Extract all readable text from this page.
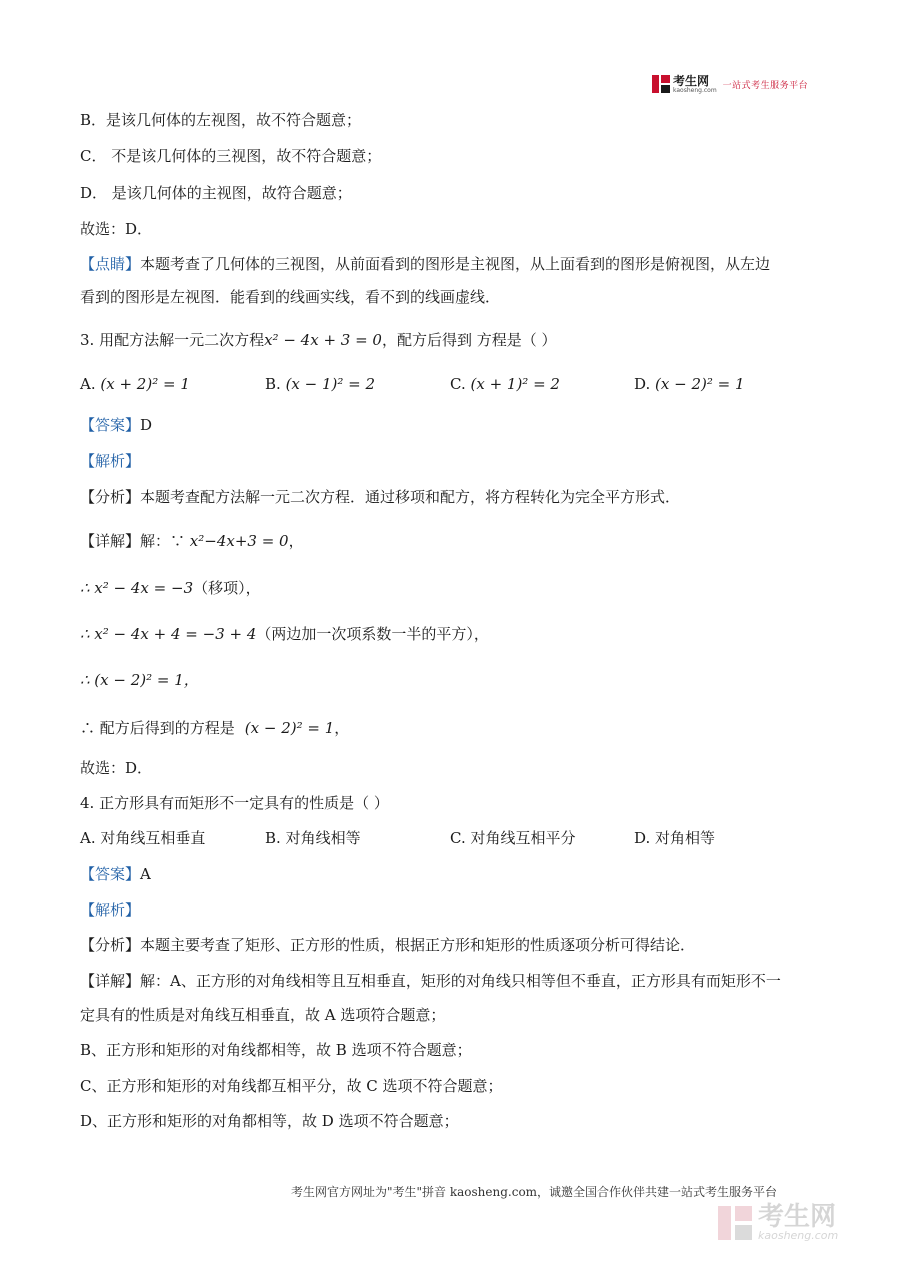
考生网
kaosheng.com 一站式考生服务平台
B．是该几何体的左视图，故不符合题意；
C． 不是该几何体的三视图，故不符合题意；
D． 是该几何体的主视图，故符合题意；
故选：D．
【点睛】本题考查了几何体的三视图，从前面看到的图形是主视图，从上面看到的图形是俯视图，从左边
看到的图形是左视图．能看到的线画实线，看不到的线画虚线．
3. 用配方法解一元二次方程x² − 4x + 3 = 0，配方后得到 方程是（ ）
A. (x + 2)² = 1	B. (x − 1)² = 2	C. (x + 1)² = 2	D. (x − 2)² = 1
【答案】D
【解析】
【分析】本题考查配方法解一元二次方程．通过移项和配方，将方程转化为完全平方形式．
【详解】解：∵ x²−4x+3 = 0，
∴ x² − 4x = −3（移项），
∴ x² − 4x + 4 = −3 + 4（两边加一次项系数一半的平方），
∴ (x − 2)² = 1，
∴ 配方后得到的方程是 (x − 2)² = 1，
故选：D．
4. 正方形具有而矩形不一定具有的性质是（ ）
A. 对角线互相垂直	B. 对角线相等	C. 对角线互相平分	D. 对角相等
【答案】A
【解析】
【分析】本题主要考查了矩形、正方形的性质，根据正方形和矩形的性质逐项分析可得结论．
【详解】解：A、正方形的对角线相等且互相垂直，矩形的对角线只相等但不垂直，正方形具有而矩形不一
定具有的性质是对角线互相垂直，故 A 选项符合题意；
B、正方形和矩形的对角线都相等，故 B 选项不符合题意；
C、正方形和矩形的对角线都互相平分，故 C 选项不符合题意；
D、正方形和矩形的对角都相等，故 D 选项不符合题意；
考生网官方网址为"考生"拼音 kaosheng.com，诚邀全国合作伙伴共建一站式考生服务平台
考生网
kaosheng.com
